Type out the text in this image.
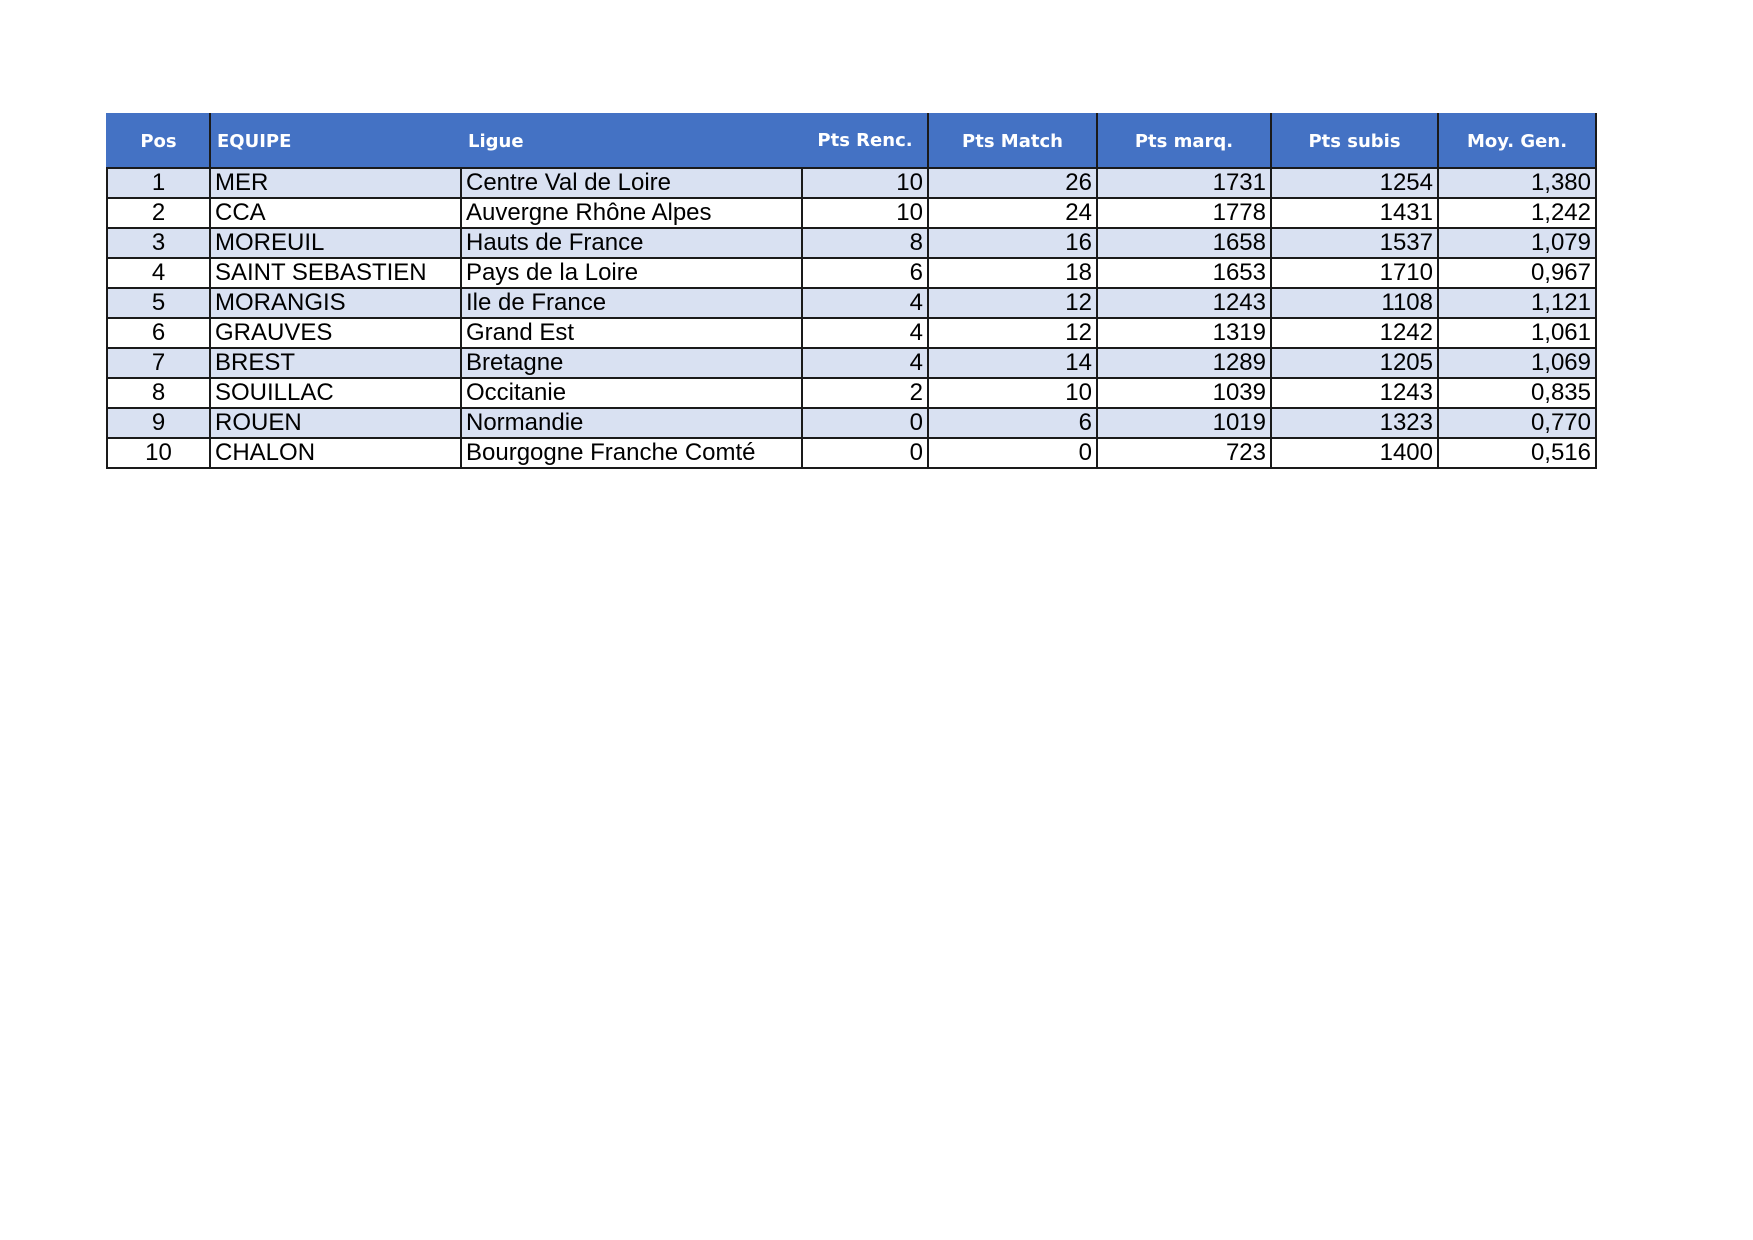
Pos	EQUIPE	Ligue	Pts Renc.	Pts Match	Pts marq.	Pts subis	Moy. Gen.
1	MER	Centre Val de Loire	10	26	1731	1254	1,380
2	CCA	Auvergne Rhône Alpes	10	24	1778	1431	1,242
3	MOREUIL	Hauts de France	8	16	1658	1537	1,079
4	SAINT SEBASTIEN	Pays de la Loire	6	18	1653	1710	0,967
5	MORANGIS	Ile de France	4	12	1243	1108	1,121
6	GRAUVES	Grand Est	4	12	1319	1242	1,061
7	BREST	Bretagne	4	14	1289	1205	1,069
8	SOUILLAC	Occitanie	2	10	1039	1243	0,835
9	ROUEN	Normandie	0	6	1019	1323	0,770
10	CHALON	Bourgogne Franche Comté	0	0	723	1400	0,516
